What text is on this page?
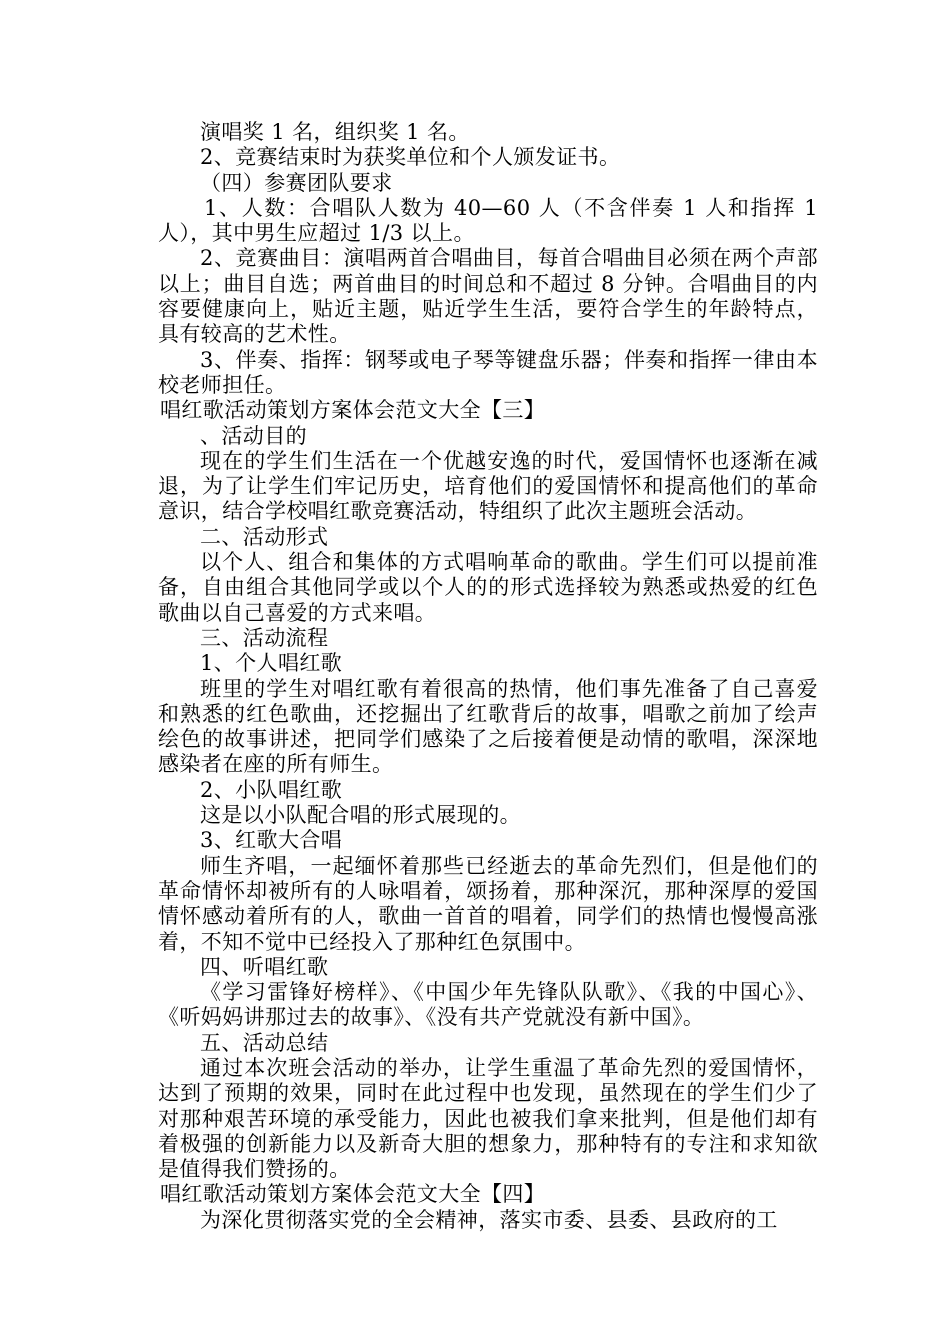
演唱奖 1 名，组织奖 1 名。

2、竞赛结束时为获奖单位和个人颁发证书。

（四）参赛团队要求

1、人数：合唱队人数为 40—60 人（不含伴奏 1 人和指挥 1 人），其中男生应超过 1/3 以上。

2、竞赛曲目：演唱两首合唱曲目，每首合唱曲目必须在两个声部以上；曲目自选；两首曲目的时间总和不超过 8 分钟。合唱曲目的内容要健康向上，贴近主题，贴近学生生活，要符合学生的年龄特点，具有较高的艺术性。

3、伴奏、指挥：钢琴或电子琴等键盘乐器；伴奏和指挥一律由本校老师担任。

唱红歌活动策划方案体会范文大全【三】

、活动目的

现在的学生们生活在一个优越安逸的时代，爱国情怀也逐渐在减退，为了让学生们牢记历史，培育他们的爱国情怀和提高他们的革命意识，结合学校唱红歌竞赛活动，特组织了此次主题班会活动。

二、活动形式

以个人、组合和集体的方式唱响革命的歌曲。学生们可以提前准备，自由组合其他同学或以个人的的形式选择较为熟悉或热爱的红色歌曲以自己喜爱的方式来唱。

三、活动流程

1、个人唱红歌

班里的学生对唱红歌有着很高的热情，他们事先准备了自己喜爱和熟悉的红色歌曲，还挖掘出了红歌背后的故事，唱歌之前加了绘声绘色的故事讲述，把同学们感染了之后接着便是动情的歌唱，深深地感染者在座的所有师生。

2、小队唱红歌

这是以小队配合唱的形式展现的。

3、红歌大合唱

师生齐唱，一起缅怀着那些已经逝去的革命先烈们，但是他们的革命情怀却被所有的人咏唱着，颂扬着，那种深沉，那种深厚的爱国情怀感动着所有的人，歌曲一首首的唱着，同学们的热情也慢慢高涨着，不知不觉中已经投入了那种红色氛围中。

四、听唱红歌

《学习雷锋好榜样》、《中国少年先锋队队歌》、《我的中国心》、《听妈妈讲那过去的故事》、《没有共产党就没有新中国》。

五、活动总结

通过本次班会活动的举办，让学生重温了革命先烈的爱国情怀，达到了预期的效果，同时在此过程中也发现，虽然现在的学生们少了对那种艰苦环境的承受能力，因此也被我们拿来批判，但是他们却有着极强的创新能力以及新奇大胆的想象力，那种特有的专注和求知欲是值得我们赞扬的。

唱红歌活动策划方案体会范文大全【四】

为深化贯彻落实党的全会精神，落实市委、县委、县政府的工
